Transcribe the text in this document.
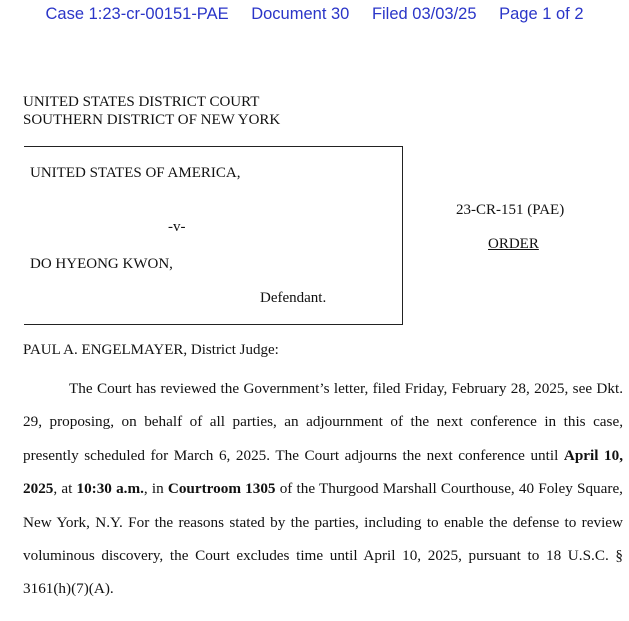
Case 1:23-cr-00151-PAE Document 30 Filed 03/03/25 Page 1 of 2
UNITED STATES DISTRICT COURT
SOUTHERN DISTRICT OF NEW YORK
UNITED STATES OF AMERICA,
-v-
DO HYEONG KWON,
Defendant.
23-CR-151 (PAE)
ORDER
PAUL A. ENGELMAYER, District Judge:
The Court has reviewed the Government’s letter, filed Friday, February 28, 2025, see Dkt. 29, proposing, on behalf of all parties, an adjournment of the next conference in this case, presently scheduled for March 6, 2025. The Court adjourns the next conference until April 10, 2025, at 10:30 a.m., in Courtroom 1305 of the Thurgood Marshall Courthouse, 40 Foley Square, New York, N.Y. For the reasons stated by the parties, including to enable the defense to review voluminous discovery, the Court excludes time until April 10, 2025, pursuant to 18 U.S.C. § 3161(h)(7)(A).
